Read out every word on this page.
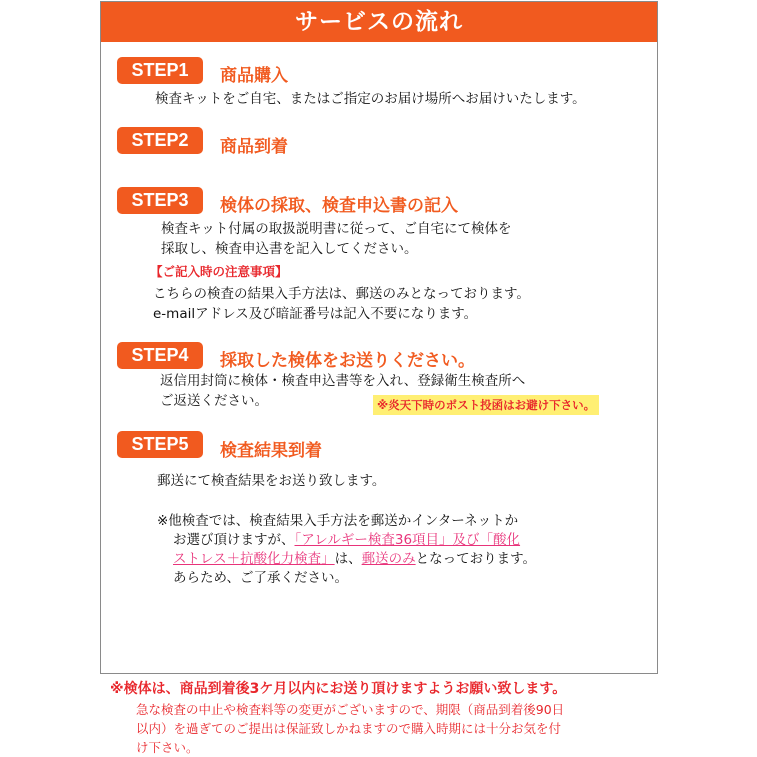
サービスの流れ
STEP1	商品購入
検査キットをご自宅、またはご指定のお届け場所へお届けいたします。
STEP2	商品到着
STEP3	検体の採取、検査申込書の記入
検査キット付属の取扱説明書に従って、ご自宅にて検体を
採取し、検査申込書を記入してください。
【ご記入時の注意事項】
こちらの検査の結果入手方法は、郵送のみとなっております。
e-mailアドレス及び暗証番号は記入不要になります。
STEP4	採取した検体をお送りください。
返信用封筒に検体・検査申込書等を入れ、登録衛生検査所へ
ご返送ください。	※炎天下時のポスト投函はお避け下さい。
STEP5	検査結果到着
郵送にて検査結果をお送り致します。
※他検査では、検査結果入手方法を郵送かインターネットか
お選び頂けますが、「アレルギー検査36項目」及び「酸化
ストレス＋抗酸化力検査」は、郵送のみとなっております。
あらため、ご了承ください。
※検体は、商品到着後3ケ月以内にお送り頂けますようお願い致します。
急な検査の中止や検査料等の変更がございますので、期限（商品到着後90日
以内）を過ぎてのご提出は保証致しかねますので購入時期には十分お気を付
け下さい。
